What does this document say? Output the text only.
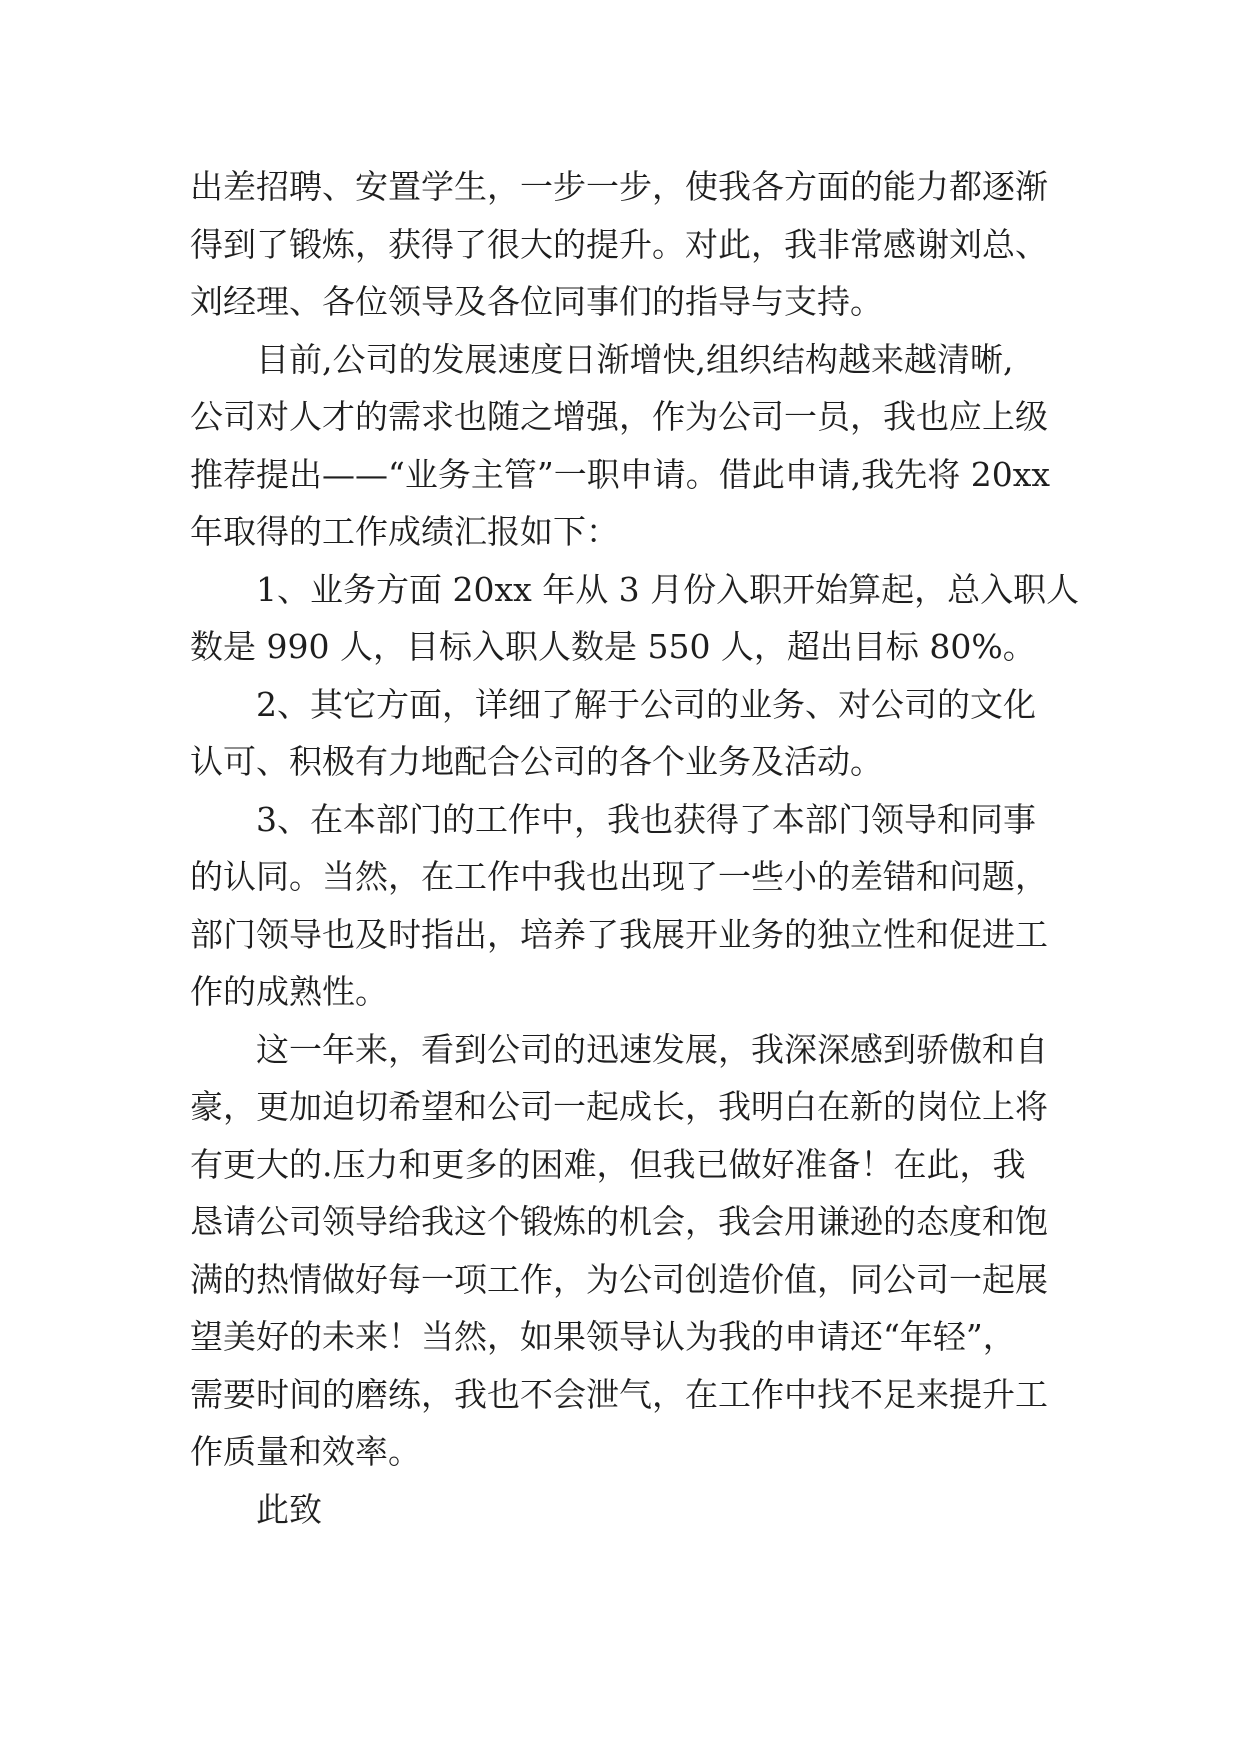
出差招聘、安置学生，一步一步，使我各方面的能力都逐渐
得到了锻炼，获得了很大的提升。对此，我非常感谢刘总、
刘经理、各位领导及各位同事们的指导与支持。
目前,公司的发展速度日渐增快,组织结构越来越清晰,
公司对人才的需求也随之增强，作为公司一员，我也应上级
推荐提出——“业务主管”一职申请。借此申请,我先将 20xx
年取得的工作成绩汇报如下：
1、业务方面 20xx 年从 3 月份入职开始算起，总入职人
数是 990 人，目标入职人数是 550 人，超出目标 80%。
2、其它方面，详细了解于公司的业务、对公司的文化
认可、积极有力地配合公司的各个业务及活动。
3、在本部门的工作中，我也获得了本部门领导和同事
的认同。当然，在工作中我也出现了一些小的差错和问题，
部门领导也及时指出，培养了我展开业务的独立性和促进工
作的成熟性。
这一年来，看到公司的迅速发展，我深深感到骄傲和自
豪，更加迫切希望和公司一起成长，我明白在新的岗位上将
有更大的.压力和更多的困难，但我已做好准备！在此，我
恳请公司领导给我这个锻炼的机会，我会用谦逊的态度和饱
满的热情做好每一项工作，为公司创造价值，同公司一起展
望美好的未来！当然，如果领导认为我的申请还“年轻”，
需要时间的磨练，我也不会泄气，在工作中找不足来提升工
作质量和效率。
此致
